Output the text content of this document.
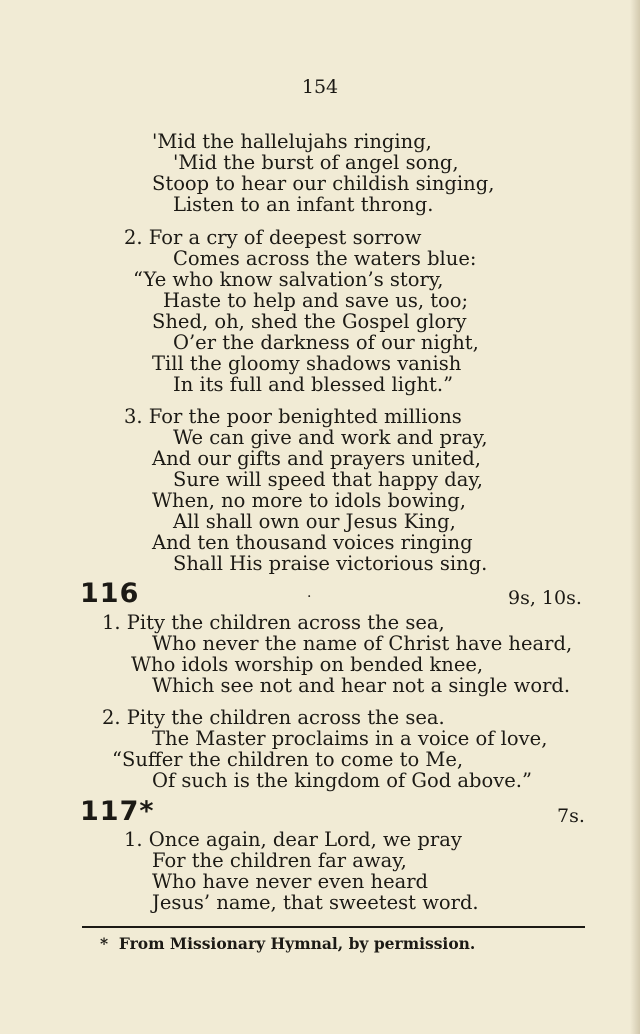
154
'Mid the hallelujahs ringing,
'Mid the burst of angel song,
Stoop to hear our childish singing,
Listen to an infant throng.
2. For a cry of deepest sorrow
Comes across the waters blue:
“Ye who know salvation’s story,
Haste to help and save us, too;
Shed, oh, shed the Gospel glory
O’er the darkness of our night,
Till the gloomy shadows vanish
In its full and blessed light.”
3. For the poor benighted millions
We can give and work and pray,
And our gifts and prayers united,
Sure will speed that happy day,
When, no more to idols bowing,
All shall own our Jesus King,
And ten thousand voices ringing
Shall His praise victorious sing.
116	·	9s, 10s.
1. Pity the children across the sea,
Who never the name of Christ have heard,
Who idols worship on bended knee,
Which see not and hear not a single word.
2. Pity the children across the sea.
The Master proclaims in a voice of love,
“Suffer the children to come to Me,
Of such is the kingdom of God above.”
117*	7s.
1. Once again, dear Lord, we pray
For the children far away,
Who have never even heard
Jesus’ name, that sweetest word.
*  From Missionary Hymnal, by permission.
